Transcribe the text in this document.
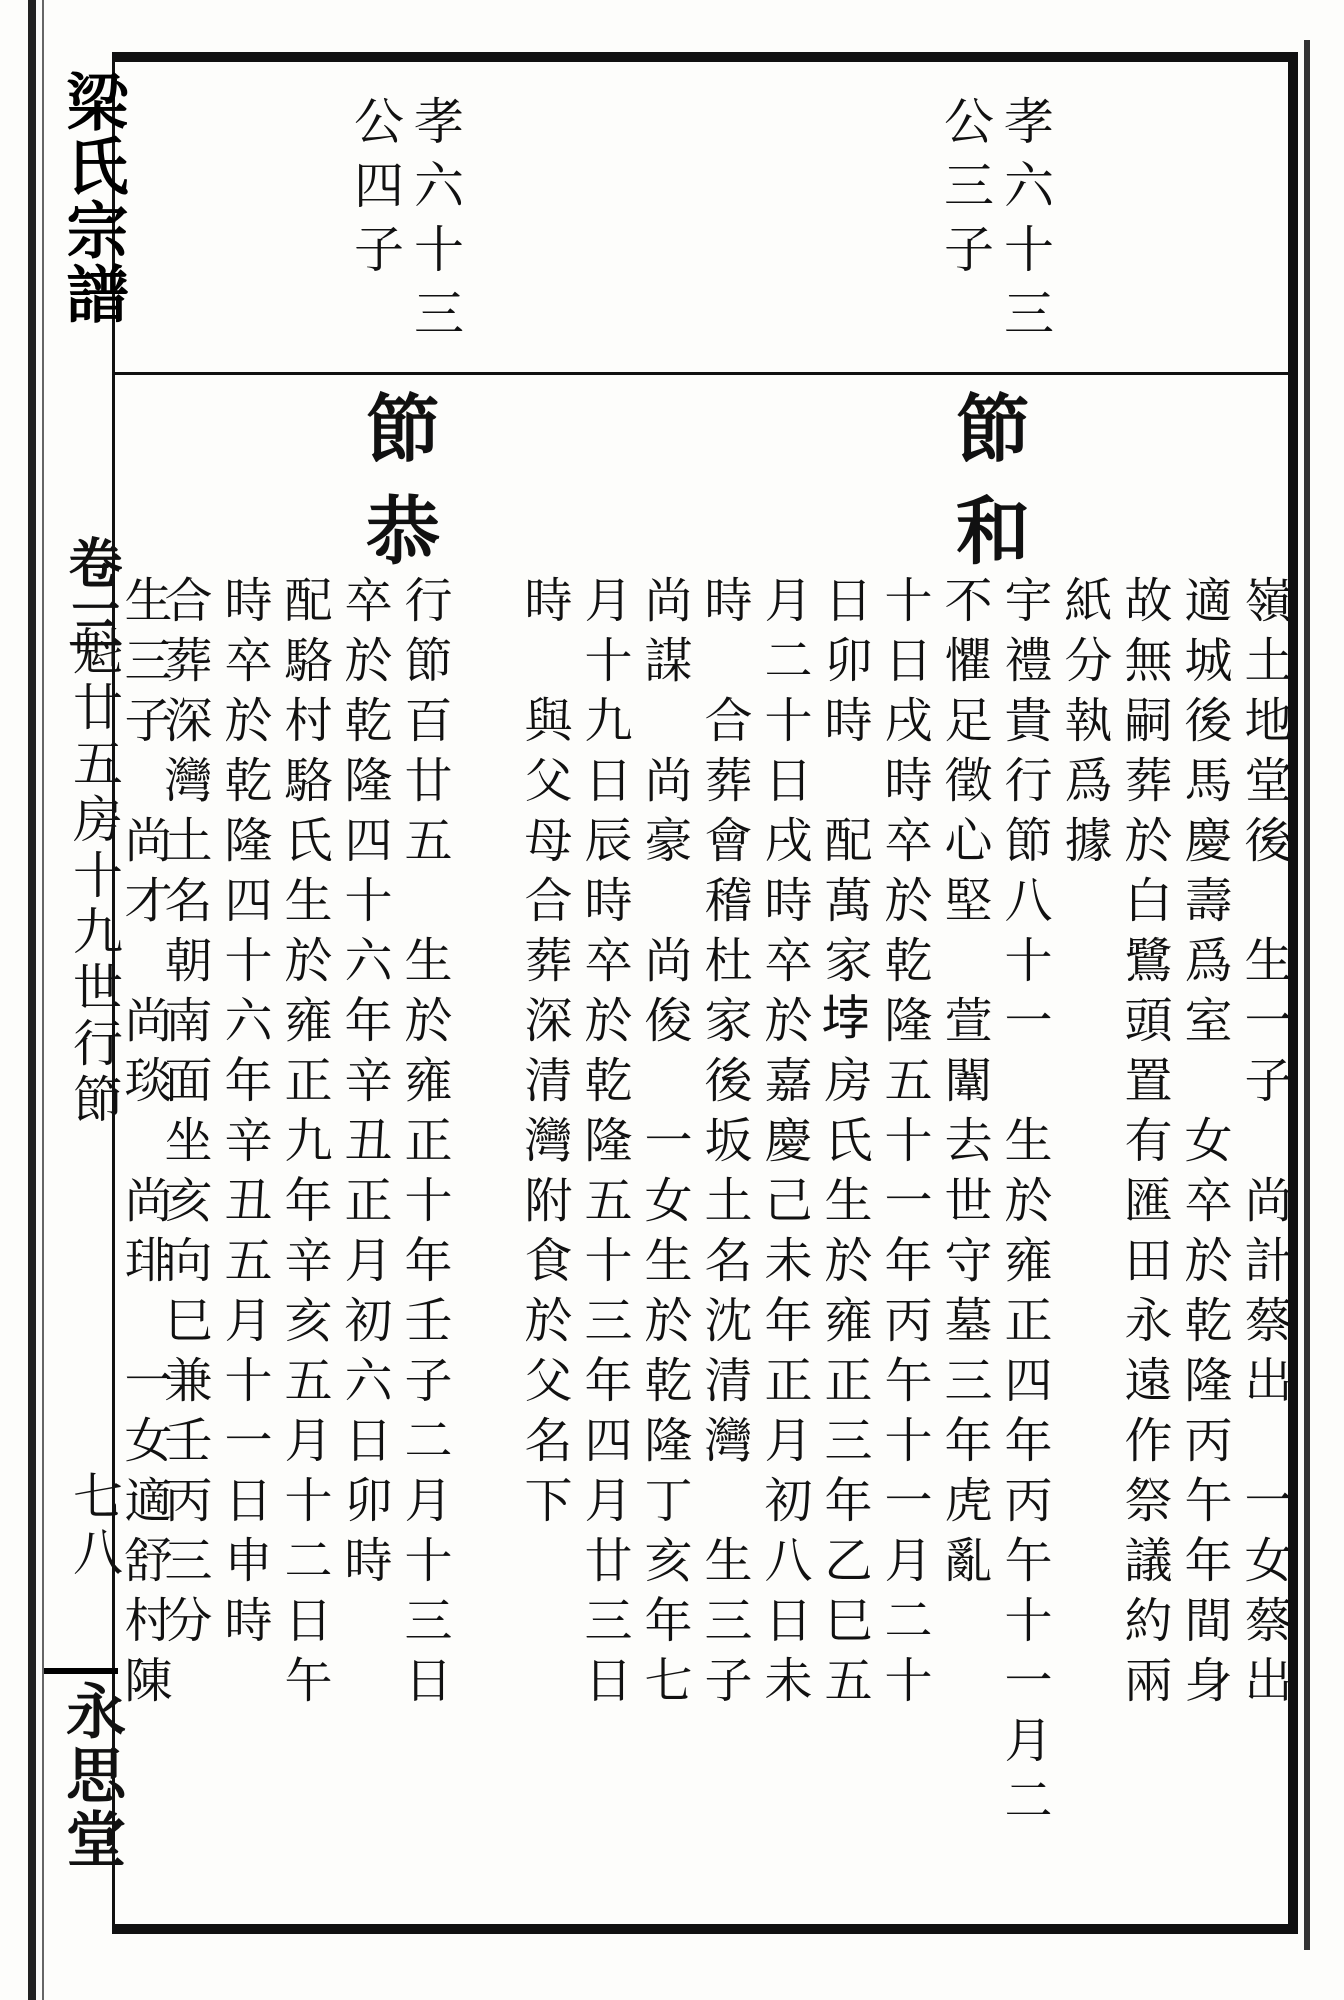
梁氏宗譜
卷三
魁廿五房十九世行節
七八
永思堂
孝六十三
公三子
孝六十三
公四子
節和
節恭
嶺土地堂後　生一子　尚計蔡出　一女蔡出
適城後馬慶壽爲室　女卒於乾隆丙午年間身
故無嗣葬於白鷺頭置有匯田永遠作祭議約兩
紙分執爲據
不懼足徵心堅　萱闈去世守墓三年虎亂 宇禮貴行節八十一　生於雍正四年丙午十一月二
十日戌時卒於乾隆五十一年丙午十一月二十
日卯時　配萬家𡋯房氏生於雍正三年乙巳五
月二十日戌時卒於嘉慶己未年正月初八日未
時　合葬會稽杜家後坂土名沈清灣　生三子
尚謀　尚豪　尚俊　一女生於乾隆丁亥年七
月十九日辰時卒於乾隆五十三年四月廿三日
時　與父母合葬深清灣附食於父名下
行節百廿五　生於雍正十年壬子二月十三日
卒於乾隆四十六年辛丑正月初六日卯時
配駱村駱氏生於雍正九年辛亥五月十二日午
時卒於乾隆四十六年辛丑五月十一日申時
合葬深灣土名朝南面坐亥向巳兼壬丙三分
生三子　尚才　尚琰　尚琲　一女適舒村陳
